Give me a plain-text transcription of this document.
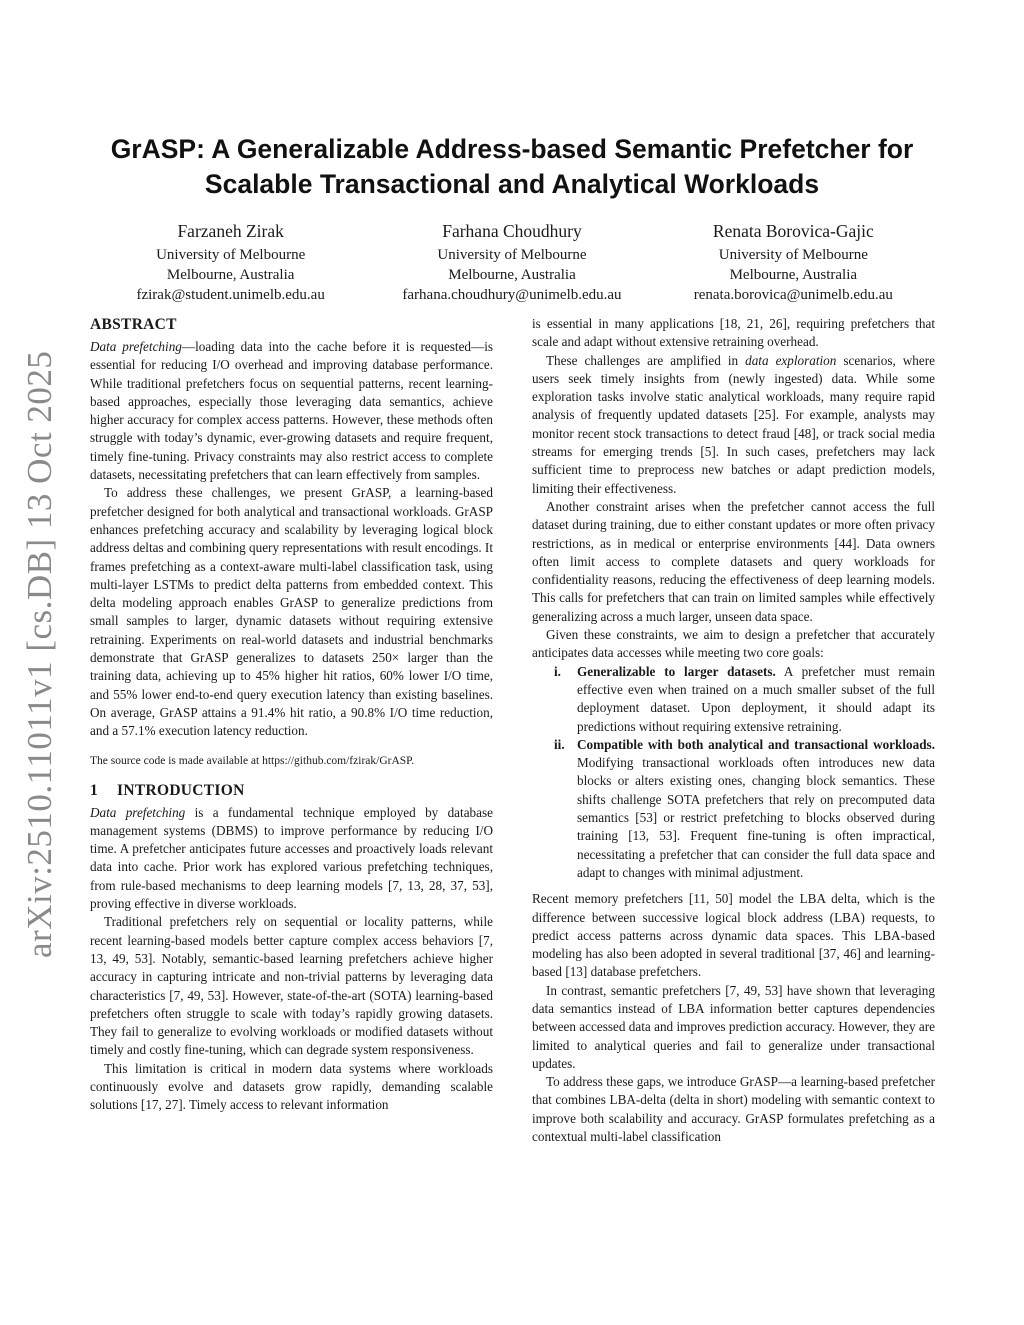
arXiv:2510.11011v1 [cs.DB] 13 Oct 2025
GrASP: A Generalizable Address-based Semantic Prefetcher for
Scalable Transactional and Analytical Workloads
Farzaneh Zirak
University of Melbourne
Melbourne, Australia
fzirak@student.unimelb.edu.au
Farhana Choudhury
University of Melbourne
Melbourne, Australia
farhana.choudhury@unimelb.edu.au
Renata Borovica-Gajic
University of Melbourne
Melbourne, Australia
renata.borovica@unimelb.edu.au
ABSTRACT

Data prefetching—loading data into the cache before it is requested—is essential for reducing I/O overhead and improving database performance. While traditional prefetchers focus on sequential patterns, recent learning-based approaches, especially those leveraging data semantics, achieve higher accuracy for complex access patterns. However, these methods often struggle with today’s dynamic, ever-growing datasets and require frequent, timely fine-tuning. Privacy constraints may also restrict access to complete datasets, necessitating prefetchers that can learn effectively from samples.

To address these challenges, we present GrASP, a learning-based prefetcher designed for both analytical and transactional workloads. GrASP enhances prefetching accuracy and scalability by leveraging logical block address deltas and combining query representations with result encodings. It frames prefetching as a context-aware multi-label classification task, using multi-layer LSTMs to predict delta patterns from embedded context. This delta modeling approach enables GrASP to generalize predictions from small samples to larger, dynamic datasets without requiring extensive retraining. Experiments on real-world datasets and industrial benchmarks demonstrate that GrASP generalizes to datasets 250× larger than the training data, achieving up to 45% higher hit ratios, 60% lower I/O time, and 55% lower end-to-end query execution latency than existing baselines. On average, GrASP attains a 91.4% hit ratio, a 90.8% I/O time reduction, and a 57.1% execution latency reduction.

The source code is made available at https://github.com/fzirak/GrASP.

1 INTRODUCTION

Data prefetching is a fundamental technique employed by database management systems (DBMS) to improve performance by reducing I/O time. A prefetcher anticipates future accesses and proactively loads relevant data into cache. Prior work has explored various prefetching techniques, from rule-based mechanisms to deep learning models [7, 13, 28, 37, 53], proving effective in diverse workloads.

Traditional prefetchers rely on sequential or locality patterns, while recent learning-based models better capture complex access behaviors [7, 13, 49, 53]. Notably, semantic-based learning prefetchers achieve higher accuracy in capturing intricate and non-trivial patterns by leveraging data characteristics [7, 49, 53]. However, state-of-the-art (SOTA) learning-based prefetchers often struggle to scale with today’s rapidly growing datasets. They fail to generalize to evolving workloads or modified datasets without timely and costly fine-tuning, which can degrade system responsiveness.

This limitation is critical in modern data systems where workloads continuously evolve and datasets grow rapidly, demanding scalable solutions [17, 27]. Timely access to relevant information

is essential in many applications [18, 21, 26], requiring prefetchers that scale and adapt without extensive retraining overhead.

These challenges are amplified in data exploration scenarios, where users seek timely insights from (newly ingested) data. While some exploration tasks involve static analytical workloads, many require rapid analysis of frequently updated datasets [25]. For example, analysts may monitor recent stock transactions to detect fraud [48], or track social media streams for emerging trends [5]. In such cases, prefetchers may lack sufficient time to preprocess new batches or adapt prediction models, limiting their effectiveness.

Another constraint arises when the prefetcher cannot access the full dataset during training, due to either constant updates or more often privacy restrictions, as in medical or enterprise environments [44]. Data owners often limit access to complete datasets and query workloads for confidentiality reasons, reducing the effectiveness of deep learning models. This calls for prefetchers that can train on limited samples while effectively generalizing across a much larger, unseen data space.

Given these constraints, we aim to design a prefetcher that accurately anticipates data accesses while meeting two core goals:

i. Generalizable to larger datasets. A prefetcher must remain effective even when trained on a much smaller subset of the full deployment dataset. Upon deployment, it should adapt its predictions without requiring extensive retraining.
ii. Compatible with both analytical and transactional workloads. Modifying transactional workloads often introduces new data blocks or alters existing ones, changing block semantics. These shifts challenge SOTA prefetchers that rely on precomputed data semantics [53] or restrict prefetching to blocks observed during training [13, 53]. Frequent fine-tuning is often impractical, necessitating a prefetcher that can consider the full data space and adapt to changes with minimal adjustment.

Recent memory prefetchers [11, 50] model the LBA delta, which is the difference between successive logical block address (LBA) requests, to predict access patterns across dynamic data spaces. This LBA-based modeling has also been adopted in several traditional [37, 46] and learning-based [13] database prefetchers.

In contrast, semantic prefetchers [7, 49, 53] have shown that leveraging data semantics instead of LBA information better captures dependencies between accessed data and improves prediction accuracy. However, they are limited to analytical queries and fail to generalize under transactional updates.

To address these gaps, we introduce GrASP—a learning-based prefetcher that combines LBA-delta (delta in short) modeling with semantic context to improve both scalability and accuracy. GrASP formulates prefetching as a contextual multi-label classification
